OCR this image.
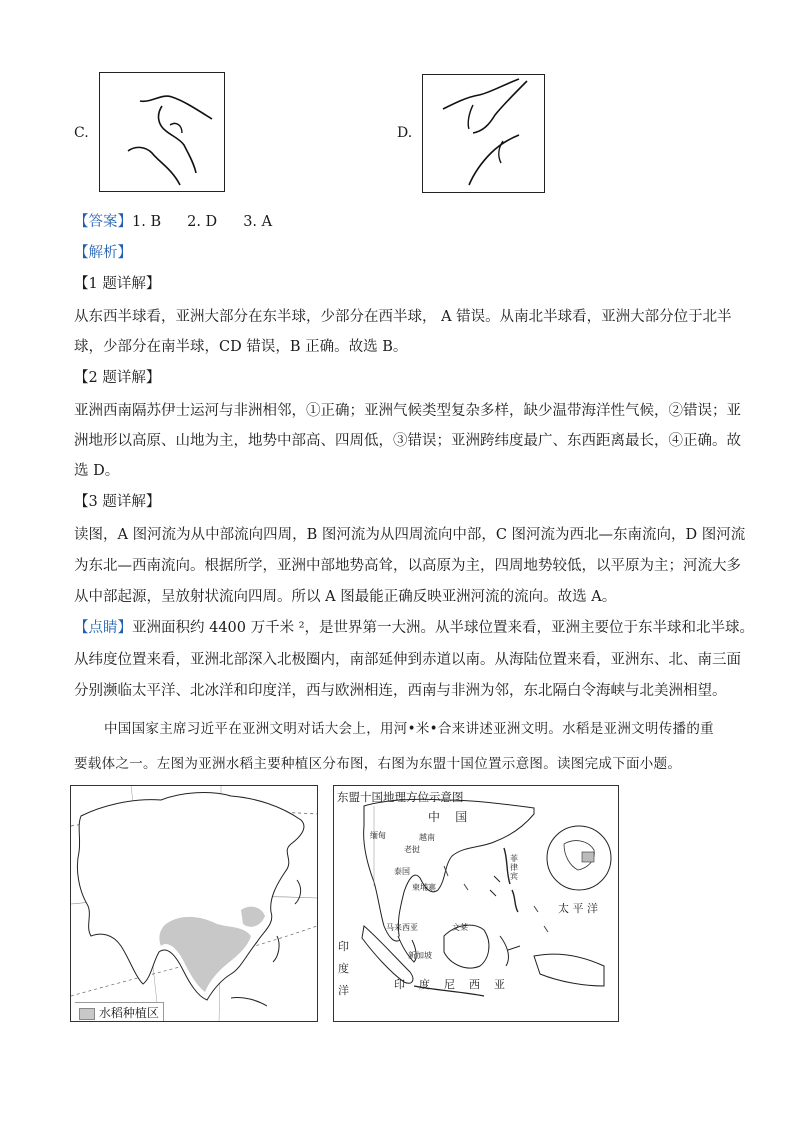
C.	D.
【答案】1. B 2. D 3. A
【解析】
【1 题详解】
从东西半球看，亚洲大部分在东半球，少部分在西半球， A 错误。从南北半球看，亚洲大部分位于北半
球，少部分在南半球，CD 错误，B 正确。故选 B。
【2 题详解】
亚洲西南隔苏伊士运河与非洲相邻，①正确；亚洲气候类型复杂多样，缺少温带海洋性气候，②错误；亚
洲地形以高原、山地为主，地势中部高、四周低，③错误；亚洲跨纬度最广、东西距离最长，④正确。故
选 D。
【3 题详解】
读图，A 图河流为从中部流向四周，B 图河流为从四周流向中部，C 图河流为西北—东南流向，D 图河流
为东北—西南流向。根据所学，亚洲中部地势高耸，以高原为主，四周地势较低，以平原为主；河流大多
从中部起源，呈放射状流向四周。所以 A 图最能正确反映亚洲河流的流向。故选 A。
【点睛】亚洲面积约 4400 万千米 ²，是世界第一大洲。从半球位置来看，亚洲主要位于东半球和北半球。
从纬度位置来看，亚洲北部深入北极圈内，南部延伸到赤道以南。从海陆位置来看，亚洲东、北、南三面
分别濒临太平洋、北冰洋和印度洋，西与欧洲相连，西南与非洲为邻，东北隔白令海峡与北美洲相望。
中国国家主席习近平在亚洲文明对话大会上，用河•米•合来讲述亚洲文明。水稻是亚洲文明传播的重
要载体之一。左图为亚洲水稻主要种植区分布图，右图为东盟十国位置示意图。读图完成下面小题。
水稻种植区
东盟十国地理方位示意图
中    国
缅甸	越南
老挝
泰国
柬埔寨
菲
律
宾
马来西亚	文莱
新加坡
太 平 洋
印
度
洋	印    度    尼    西    亚
